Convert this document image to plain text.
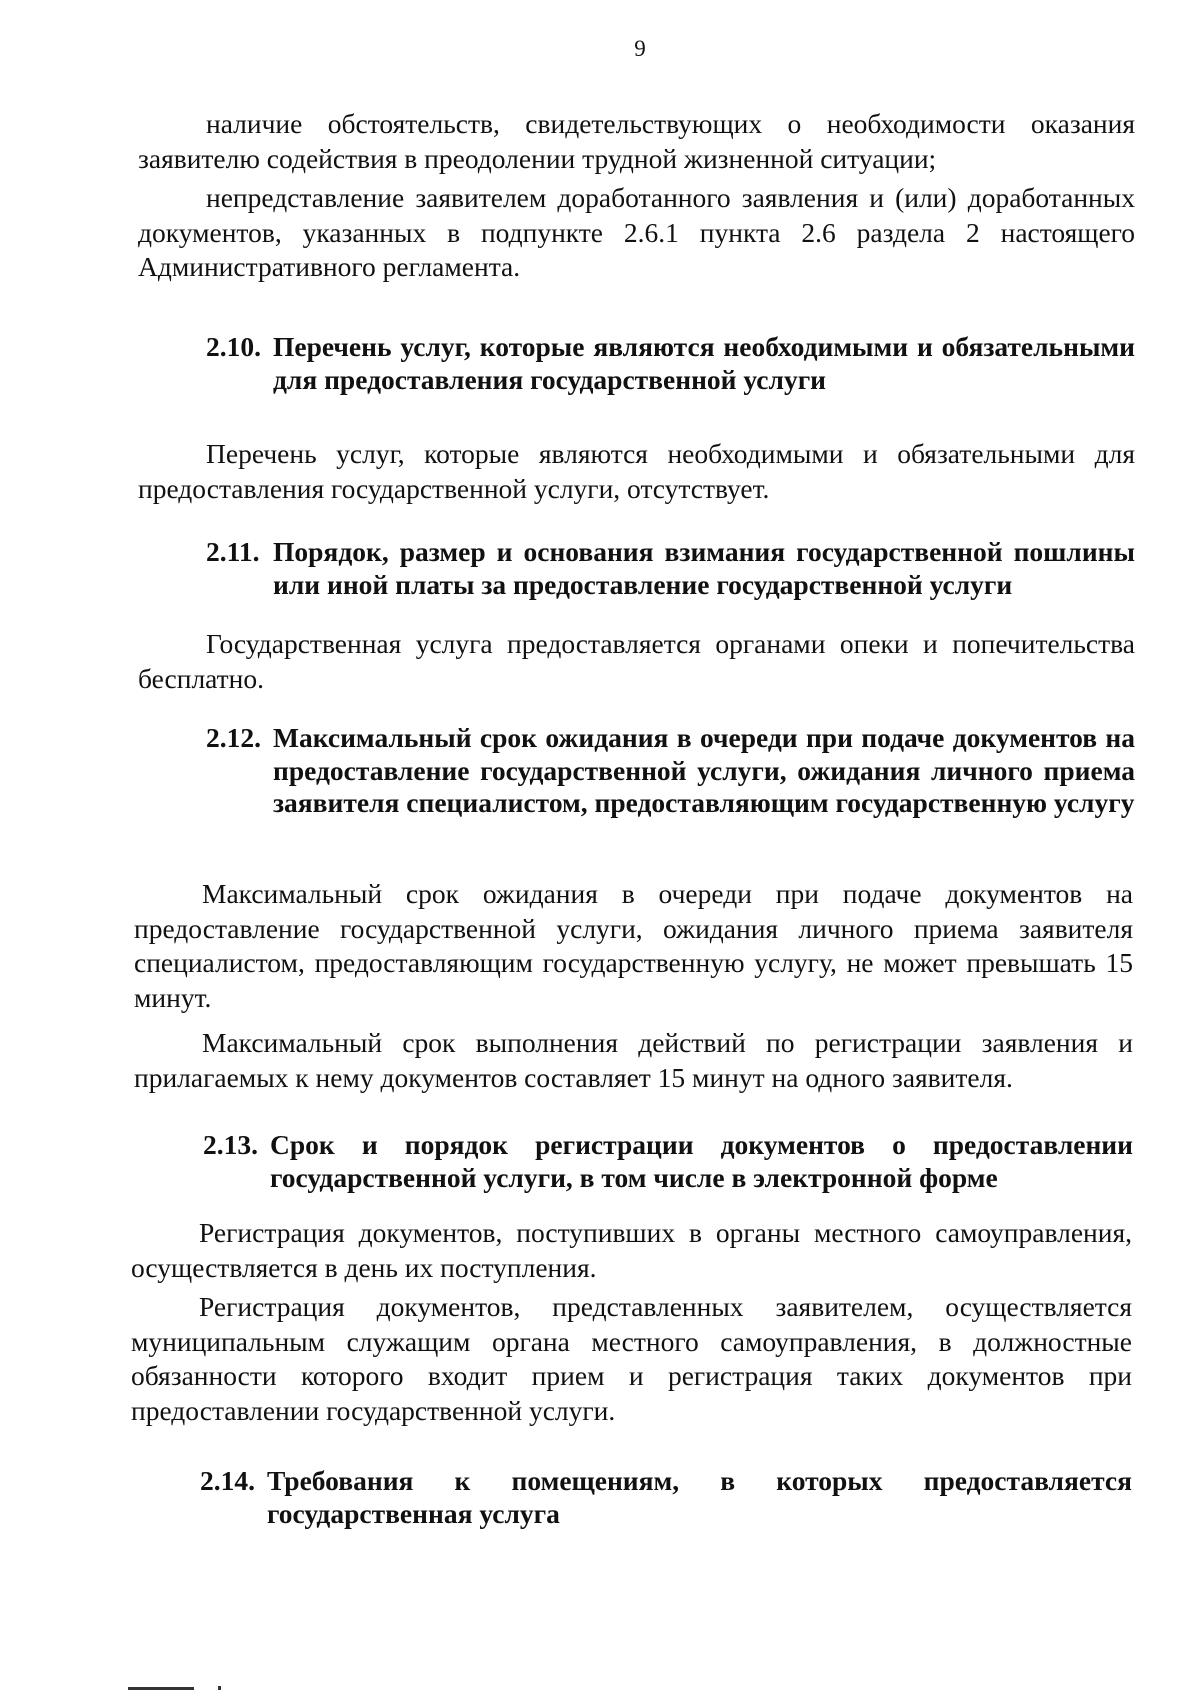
9
наличие обстоятельств, свидетельствующих о необходимости оказания заявителю содействия в преодолении трудной жизненной ситуации;
непредставление заявителем доработанного заявления и (или) доработанных документов, указанных в подпункте 2.6.1 пункта 2.6 раздела 2 настоящего Административного регламента.
2.10. Перечень услуг, которые являются необходимыми и обязательными для предоставления государственной услуги
Перечень услуг, которые являются необходимыми и обязательными для предоставления государственной услуги, отсутствует.
2.11. Порядок, размер и основания взимания государственной пошлины или иной платы за предоставление государственной услуги
Государственная услуга предоставляется органами опеки и попечительства бесплатно.
2.12. Максимальный срок ожидания в очереди при подаче документов на предоставление государственной услуги, ожидания личного приема заявителя специалистом, предоставляющим государственную услугу
Максимальный срок ожидания в очереди при подаче документов на предоставление государственной услуги, ожидания личного приема заявителя специалистом, предоставляющим государственную услугу, не может превышать 15 минут.
Максимальный срок выполнения действий по регистрации заявления и прилагаемых к нему документов составляет 15 минут на одного заявителя.
2.13. Срок и порядок регистрации документов о предоставлении государственной услуги, в том числе в электронной форме
Регистрация документов, поступивших в органы местного самоуправления, осуществляется в день их поступления.
Регистрация документов, представленных заявителем, осуществляется муниципальным служащим органа местного самоуправления, в должностные обязанности которого входит прием и регистрация таких документов при предоставлении государственной услуги.
2.14. Требования к помещениям, в которых предоставляется государственная услуга
